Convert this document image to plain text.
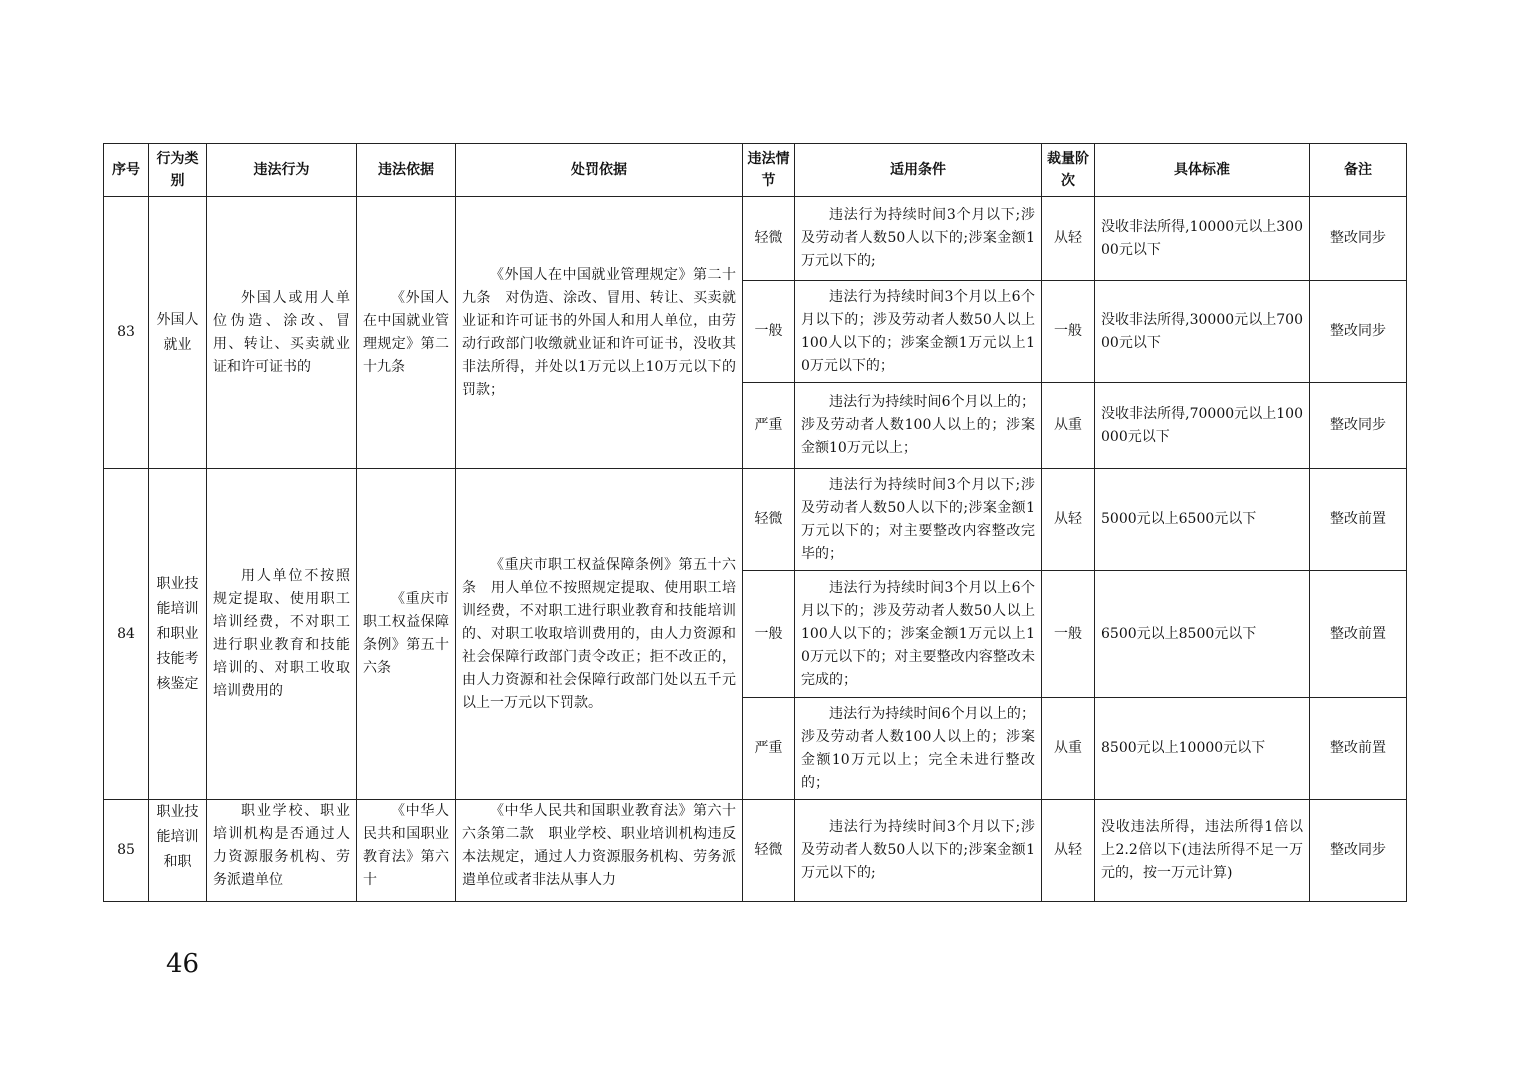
序号	行为类别	违法行为	违法依据	处罚依据	违法情节	适用条件	裁量阶次	具体标准	备注
83	外国人就业	外国人或用人单位伪造、涂改、冒用、转让、买卖就业证和许可证书的	《外国人在中国就业管理规定》第二十九条	《外国人在中国就业管理规定》第二十九条　对伪造、涂改、冒用、转让、买卖就业证和许可证书的外国人和用人单位，由劳动行政部门收缴就业证和许可证书，没收其非法所得，并处以1万元以上10万元以下的罚款；	轻微	违法行为持续时间3个月以下;涉及劳动者人数50人以下的;涉案金额1万元以下的;	从轻	没收非法所得,10000元以上30000元以下	整改同步
					一般	违法行为持续时间3个月以上6个月以下的；涉及劳动者人数50人以上100人以下的；涉案金额1万元以上10万元以下的；	一般	没收非法所得,30000元以上70000元以下	整改同步
					严重	违法行为持续时间6个月以上的；涉及劳动者人数100人以上的；涉案金额10万元以上；	从重	没收非法所得,70000元以上100000元以下	整改同步
84	职业技能培训和职业技能考核鉴定	用人单位不按照规定提取、使用职工培训经费，不对职工进行职业教育和技能培训的、对职工收取培训费用的	《重庆市职工权益保障条例》第五十六条	《重庆市职工权益保障条例》第五十六条　用人单位不按照规定提取、使用职工培训经费，不对职工进行职业教育和技能培训的、对职工收取培训费用的，由人力资源和社会保障行政部门责令改正；拒不改正的，由人力资源和社会保障行政部门处以五千元以上一万元以下罚款。	轻微	违法行为持续时间3个月以下;涉及劳动者人数50人以下的;涉案金额1万元以下的；对主要整改内容整改完毕的；	从轻	5000元以上6500元以下	整改前置
					一般	违法行为持续时间3个月以上6个月以下的；涉及劳动者人数50人以上100人以下的；涉案金额1万元以上10万元以下的；对主要整改内容整改未完成的；	一般	6500元以上8500元以下	整改前置
					严重	违法行为持续时间6个月以上的；涉及劳动者人数100人以上的；涉案金额10万元以上；完全未进行整改的；	从重	8500元以上10000元以下	整改前置
85	职业技能培训和职	职业学校、职业培训机构是否通过人力资源服务机构、劳务派遣单位	《中华人民共和国职业教育法》第六十	《中华人民共和国职业教育法》第六十六条第二款　职业学校、职业培训机构违反本法规定，通过人力资源服务机构、劳务派遣单位或者非法从事人力	轻微	违法行为持续时间3个月以下;涉及劳动者人数50人以下的;涉案金额1万元以下的;	从轻	没收违法所得，违法所得1倍以上2.2倍以下(违法所得不足一万元的，按一万元计算)	整改同步
46
